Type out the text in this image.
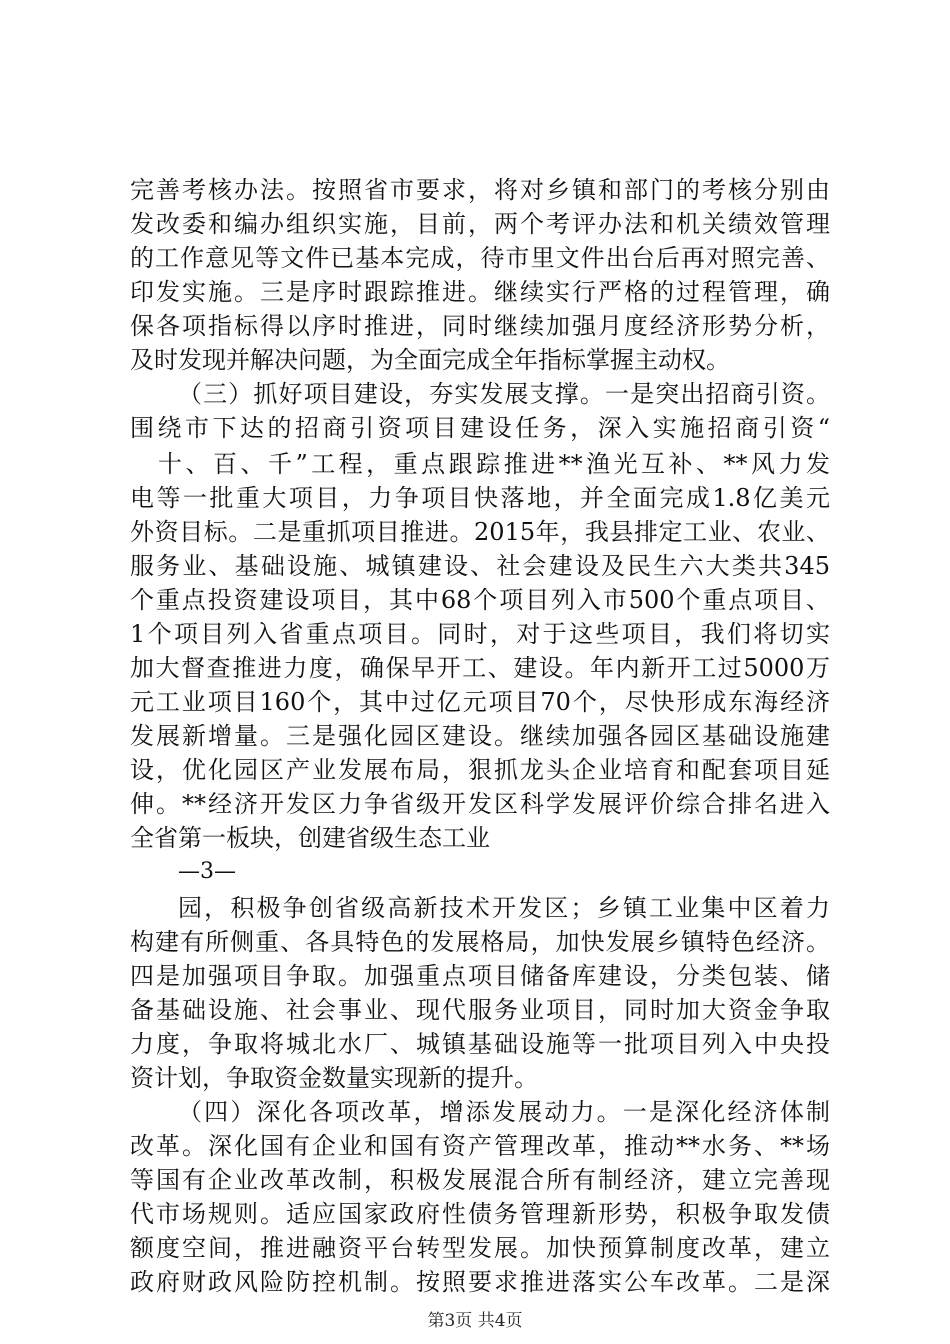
完善考核办法。按照省市要求，将对乡镇和部门的考核分别由
发改委和编办组织实施，目前，两个考评办法和机关绩效管理
的工作意见等文件已基本完成，待市里文件出台后再对照完善、
印发实施。三是序时跟踪推进。继续实行严格的过程管理，确
保各项指标得以序时推进，同时继续加强月度经济形势分析，
及时发现并解决问题，为全面完成全年指标掌握主动权。
（三）抓好项目建设，夯实发展支撑。一是突出招商引资。
围绕市下达的招商引资项目建设任务，深入实施招商引资“
十、百、千”工程，重点跟踪推进**渔光互补、**风力发
电等一批重大项目，力争项目快落地，并全面完成1.8亿美元
外资目标。二是重抓项目推进。2015年，我县排定工业、农业、
服务业、基础设施、城镇建设、社会建设及民生六大类共345
个重点投资建设项目，其中68个项目列入市500个重点项目、
1个项目列入省重点项目。同时，对于这些项目，我们将切实
加大督查推进力度，确保早开工、建设。年内新开工过5000万
元工业项目160个，其中过亿元项目70个，尽快形成东海经济
发展新增量。三是强化园区建设。继续加强各园区基础设施建
设，优化园区产业发展布局，狠抓龙头企业培育和配套项目延
伸。**经济开发区力争省级开发区科学发展评价综合排名进入
全省第一板块，创建省级生态工业
—3—
园，积极争创省级高新技术开发区；乡镇工业集中区着力
构建有所侧重、各具特色的发展格局，加快发展乡镇特色经济。
四是加强项目争取。加强重点项目储备库建设，分类包装、储
备基础设施、社会事业、现代服务业项目，同时加大资金争取
力度，争取将城北水厂、城镇基础设施等一批项目列入中央投
资计划，争取资金数量实现新的提升。
（四）深化各项改革，增添发展动力。一是深化经济体制
改革。深化国有企业和国有资产管理改革，推动**水务、**场
等国有企业改革改制，积极发展混合所有制经济，建立完善现
代市场规则。适应国家政府性债务管理新形势，积极争取发债
额度空间，推进融资平台转型发展。加快预算制度改革，建立
政府财政风险防控机制。按照要求推进落实公车改革。二是深
第3页 共4页
